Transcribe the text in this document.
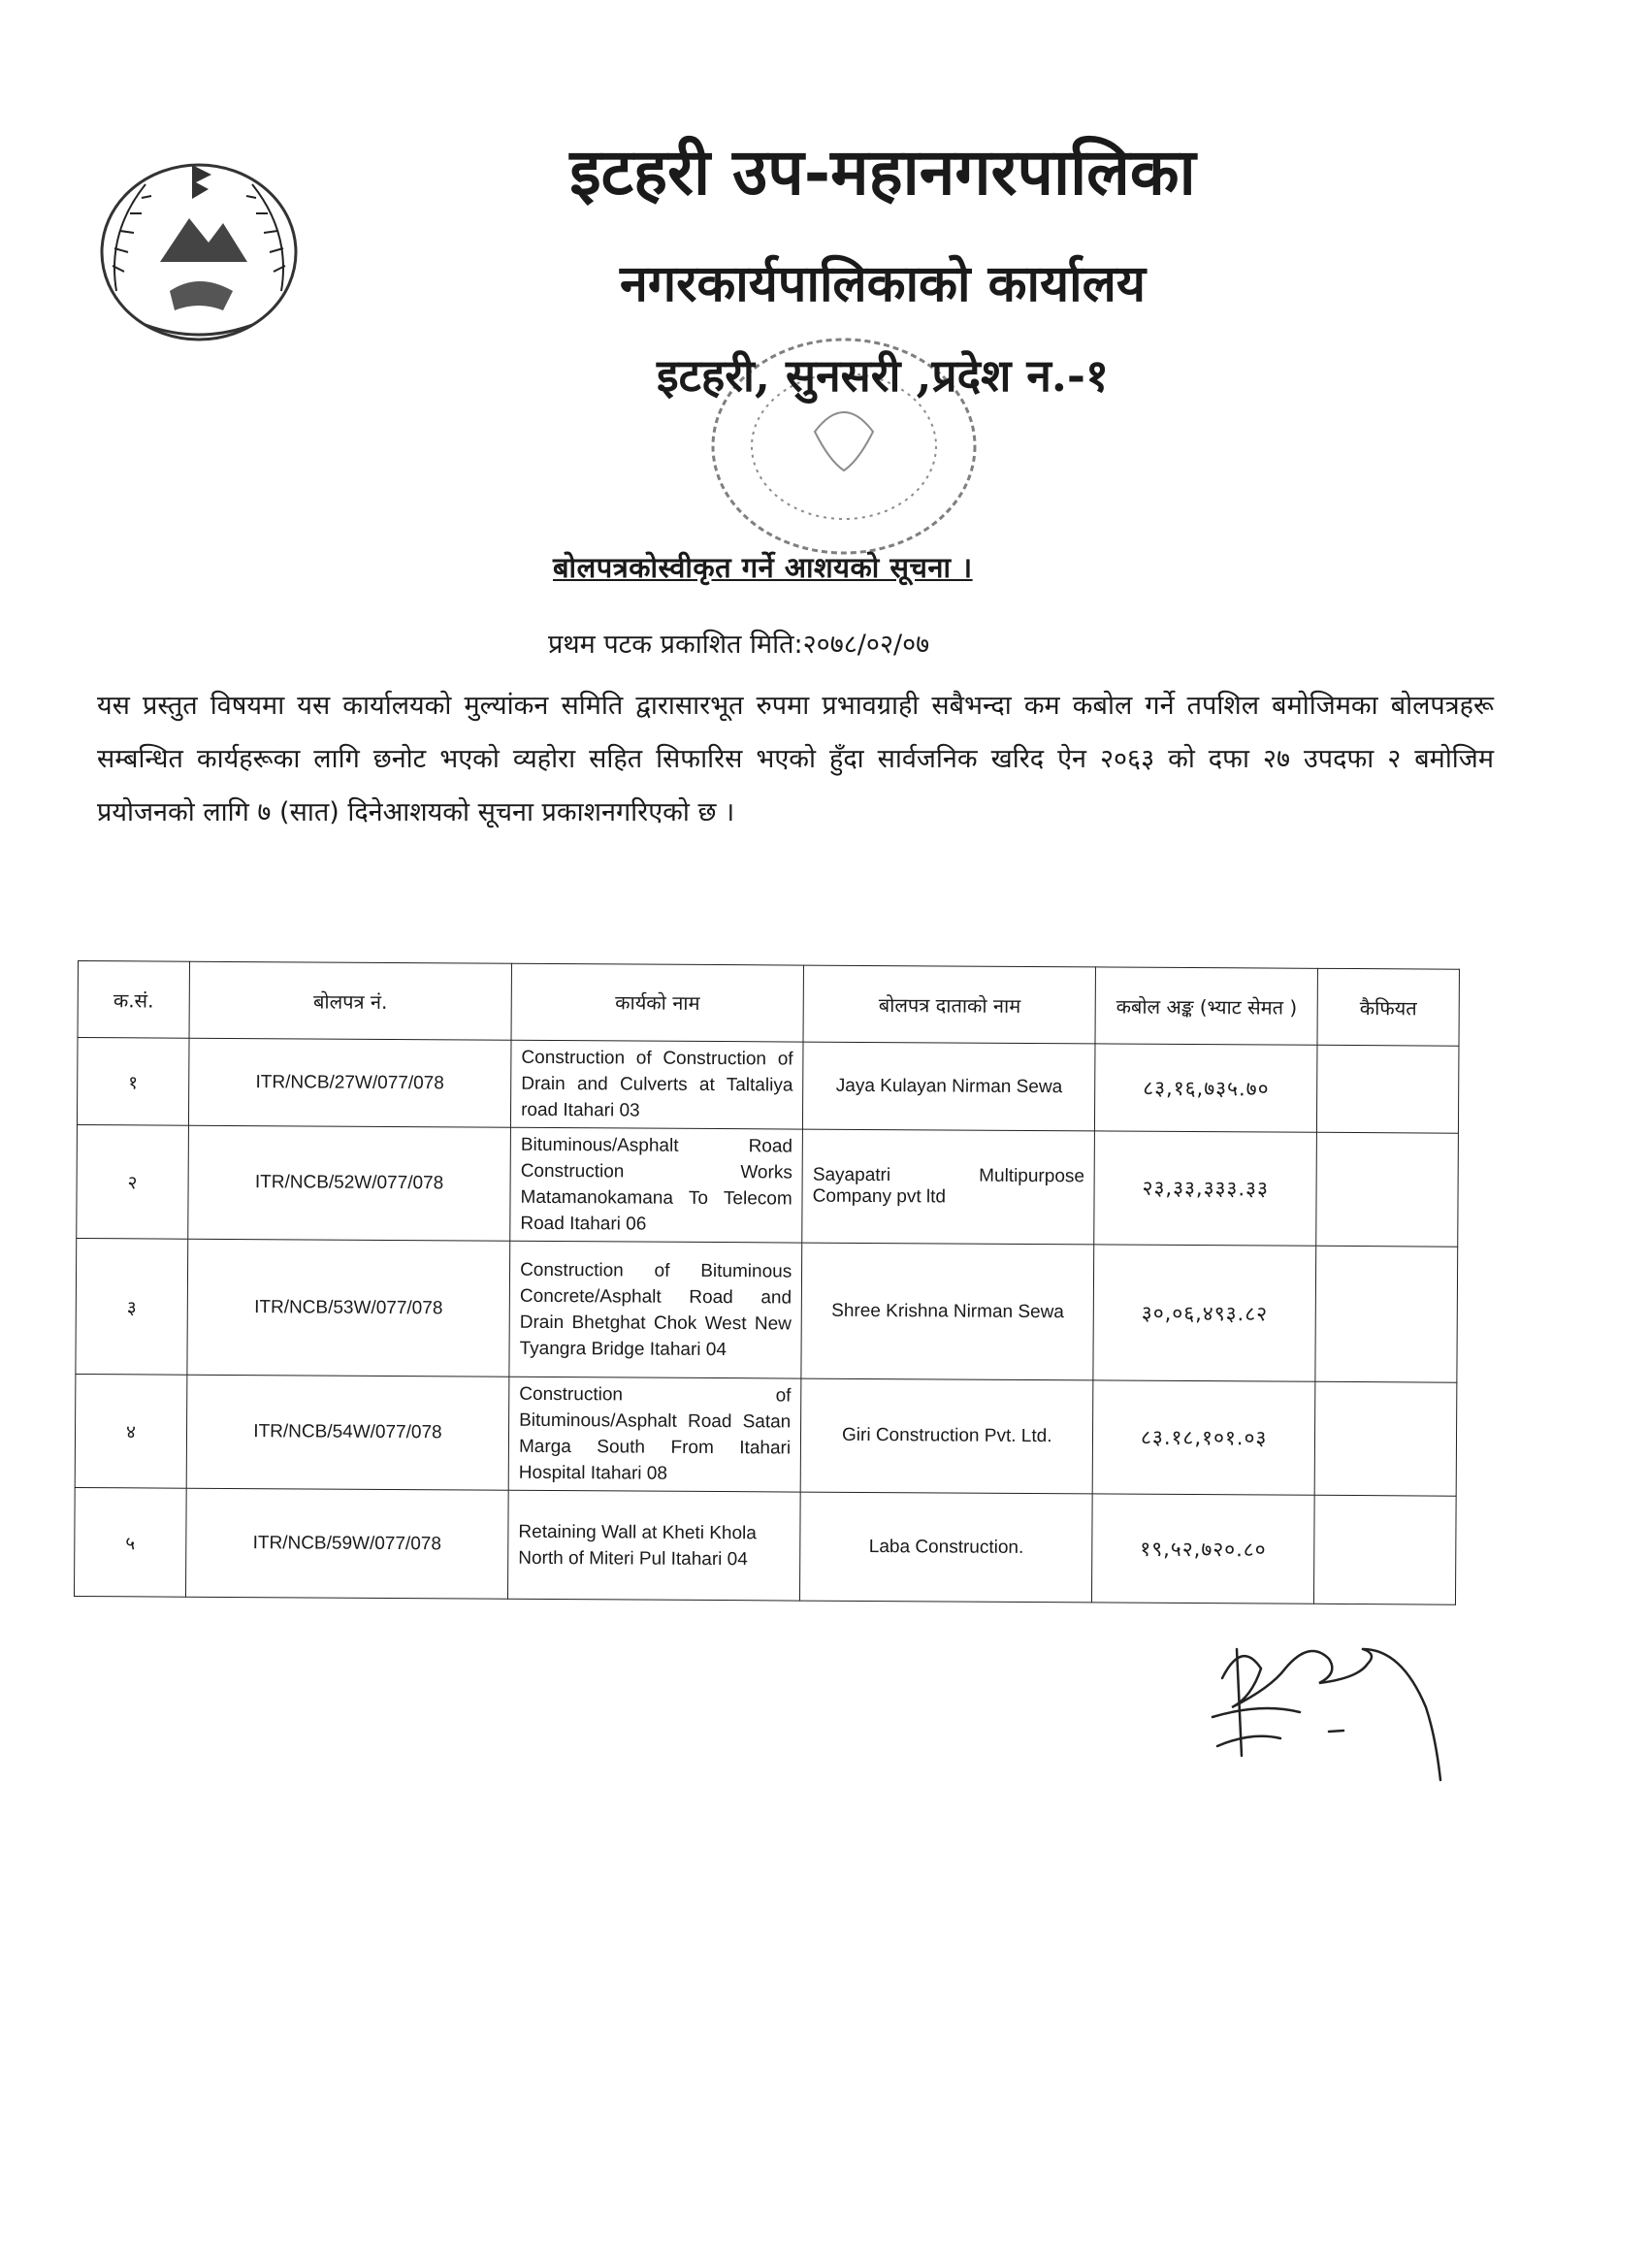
इटहरी उप-महानगरपालिका
नगरकार्यपालिकाको कार्यालय
इटहरी, सुनसरी ,प्रदेश न.-१
बोलपत्रकोस्वीकृत गर्ने आशयको सूचना ।
प्रथम पटक प्रकाशित मिति:२०७८/०२/०७
यस प्रस्तुत विषयमा यस कार्यालयको मुल्यांकन समिति द्वारासारभूत रुपमा प्रभावग्राही सबैभन्दा कम कबोल गर्ने तपशिल बमोजिमका बोलपत्रहरू सम्बन्धित कार्यहरूका लागि छनोट भएको व्यहोरा सहित सिफारिस भएको हुँदा सार्वजनिक खरिद ऐन २०६३ को दफा २७ उपदफा २ बमोजिम प्रयोजनको लागि ७ (सात) दिनेआशयको सूचना प्रकाशनगरिएको छ ।
क.सं.	बोलपत्र नं.	कार्यको नाम	बोलपत्र दाताको नाम	कबोल अङ्क (भ्याट सेमत )	कैफियत
१	ITR/NCB/27W/077/078	Construction of Construction of Drain and Culverts at Taltaliya road Itahari 03	Jaya Kulayan Nirman Sewa	८३,१६,७३५.७०	
२	ITR/NCB/52W/077/078	Bituminous/Asphalt Road Construction Works Matamanokamana To Telecom Road Itahari 06	Sayapatri Multipurpose Company pvt ltd	२३,३३,३३३.३३	
३	ITR/NCB/53W/077/078	Construction of Bituminous Concrete/Asphalt Road and Drain Bhetghat Chok West New Tyangra Bridge Itahari 04	Shree Krishna Nirman Sewa	३०,०६,४९३.८२	
४	ITR/NCB/54W/077/078	Construction of Bituminous/Asphalt Road Satan Marga South From Itahari Hospital Itahari 08	Giri Construction Pvt. Ltd.	८३.१८,१०१.०३	
५	ITR/NCB/59W/077/078	Retaining Wall at Kheti Khola North of Miteri Pul Itahari 04	Laba Construction.	१९,५२,७२०.८०	
